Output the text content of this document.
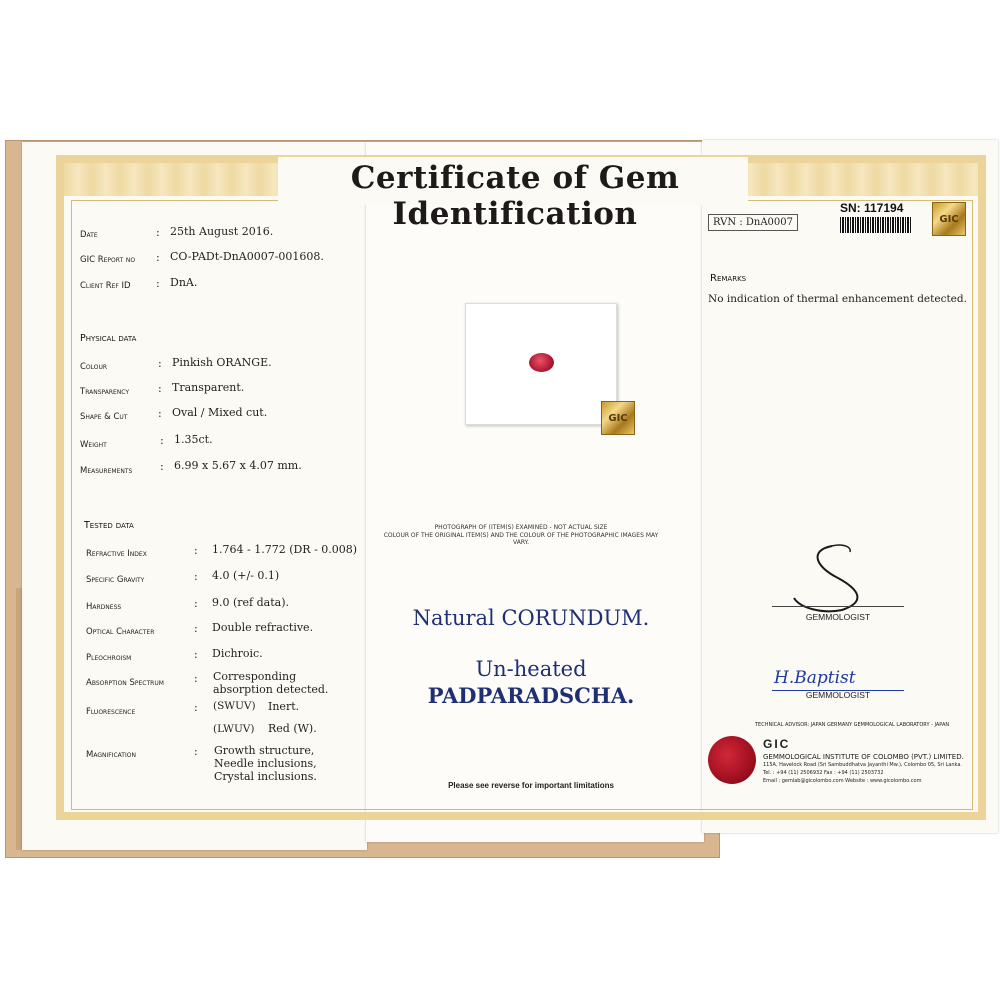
Certificate of Gem Identification
Date	: 25th August 2016.
GIC Report no : CO-PADt-DnA0007-001608.
Client Ref ID : DnA.
Physical data
Colour	: Pinkish ORANGE.
Transparency	: Transparent.
Shape & Cut	: Oval / Mixed cut.
Weight	: 1.35ct.
Measurements	: 6.99 x 5.67 x 4.07 mm.
Tested data
Refractive Index	: 1.764 - 1.772 (DR - 0.008)
Specific Gravity	: 4.0 (+/- 0.1)
Hardness	: 9.0 (ref data).
Optical Character	: Double refractive.
Pleochroism	: Dichroic.
Absorption Spectrum	: Corresponding absorption detected.
Fluorescence	: (SWUV) Inert.
(LWUV) Red (W).
Magnification	: Growth structure,
Needle inclusions,
Crystal inclusions.
GIC
PHOTOGRAPH OF (ITEM(S) EXAMINED - NOT ACTUAL SIZE
COLOUR OF THE ORIGINAL ITEM(S) AND THE COLOUR OF THE PHOTOGRAPHIC IMAGES MAY VARY.
Natural CORUNDUM.
Un-heated
PADPARADSCHA.
Please see reverse for important limitations
RVN : DnA0007
SN: 117194
GIC
Remarks
No indication of thermal enhancement detected.
GEMMOLOGIST
H.Baptist
GEMMOLOGIST
TECHNICAL ADVISOR: JAPAN GERMANY GEMMOLOGICAL LABORATORY - JAPAN
GIC
GEMMOLOGICAL INSTITUTE OF COLOMBO (PVT.) LIMITED.
115A, Havelock Road (Sri Sambuddhatva Jayanthi Mw.), Colombo 05, Sri Lanka.
Tel. : +94 (11) 2506932 Fax : +94 (11) 2503732
Email : gemlab@gicolombo.com Website : www.gicolombo.com
